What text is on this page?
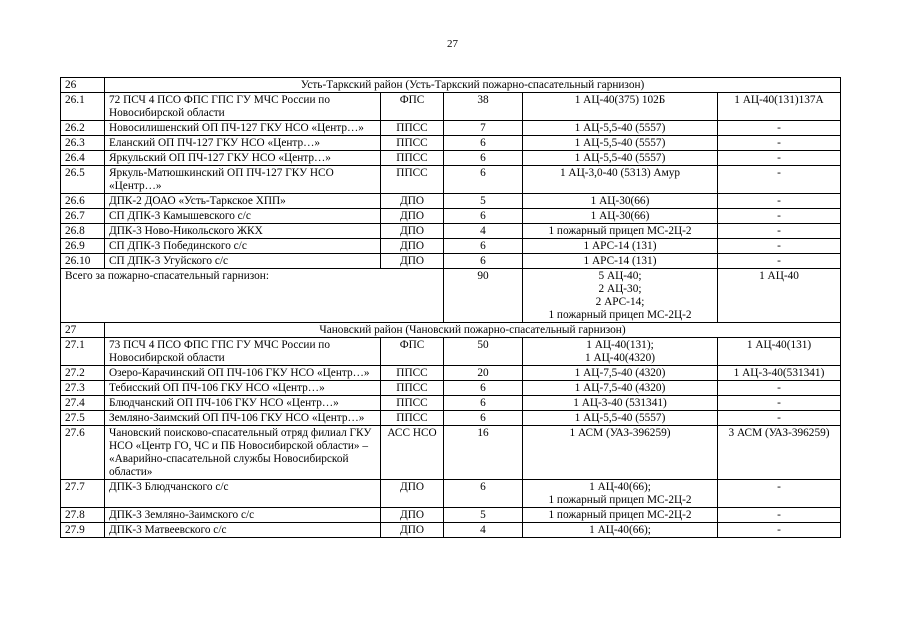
27
26	Усть-Таркский район (Усть-Таркский пожарно-спасательный гарнизон)				
26.1	72 ПСЧ 4 ПСО ФПС ГПС ГУ МЧС России по Новосибирской области	ФПС	38	1 АЦ-40(375) 102Б	1 АЦ-40(131)137А

26.2	Новосилишенский ОП ПЧ-127 ГКУ НСО «Центр…»	ППСС	7	1 АЦ-5,5-40 (5557)	-

26.3	Еланский ОП ПЧ-127 ГКУ НСО «Центр…»	ППСС	6	1 АЦ-5,5-40 (5557)	-

26.4	Яркульский ОП ПЧ-127 ГКУ НСО «Центр…»	ППСС	6	1 АЦ-5,5-40 (5557)	-

26.5	Яркуль-Матюшкинский ОП ПЧ-127 ГКУ НСО «Центр…»	ППСС	6	1 АЦ-3,0-40 (5313) Амур	-

26.6	ДПК-2 ДОАО «Усть-Таркское ХПП»	ДПО	5	1 АЦ-30(66)	-

26.7	СП ДПК-3 Камышевского с/с	ДПО	6	1 АЦ-30(66)	-

26.8	ДПК-3 Ново-Никольского ЖКХ	ДПО	4	1 пожарный прицеп МС-2Ц-2	-

26.9	СП ДПК-3 Побединского с/с	ДПО	6	1 АРС-14 (131)	-

26.10	СП ДПК-3 Угуйского с/с	ДПО	6	1 АРС-14 (131)	-

Всего за пожарно-спасательный гарнизон:			90	5 АЦ-40;
2 АЦ-30;
2 АРС-14;
1 пожарный прицеп МС-2Ц-2	1 АЦ-40

27	Чановский район (Чановский пожарно-спасательный гарнизон)				
27.1	73 ПСЧ 4 ПСО ФПС ГПС ГУ МЧС России по Новосибирской области	ФПС	50	1 АЦ-40(131);
1 АЦ-40(4320)	1 АЦ-40(131)

27.2	Озеро-Карачинский ОП ПЧ-106 ГКУ НСО «Центр…»	ППСС	20	1 АЦ-7,5-40 (4320)	1 АЦ-3-40(531341)

27.3	Тебисский ОП ПЧ-106 ГКУ НСО «Центр…»	ППСС	6	1 АЦ-7,5-40 (4320)	-

27.4	Блюдчанский ОП ПЧ-106 ГКУ НСО «Центр…»	ППСС	6	1 АЦ-3-40 (531341)	-

27.5	Землянo-Заимский ОП ПЧ-106 ГКУ НСО «Центр…»	ППСС	6	1 АЦ-5,5-40 (5557)	-

27.6	Чановский поисково-спасательный отряд филиал ГКУ НСО «Центр ГО, ЧС и ПБ Новосибирской области» – «Аварийно-спасательной службы Новосибирской области»	АСС НСО	16	1 АСМ (УАЗ-396259)	3 АСМ (УАЗ-396259)

27.7	ДПК-3 Блюдчанского с/с	ДПО	6	1 АЦ-40(66);
1 пожарный прицеп МС-2Ц-2	-

27.8	ДПК-3 Землянo-Заимского с/с	ДПО	5	1 пожарный прицеп МС-2Ц-2	-

27.9	ДПК-3 Матвеевского с/с	ДПО	4	1 АЦ-40(66);	-
